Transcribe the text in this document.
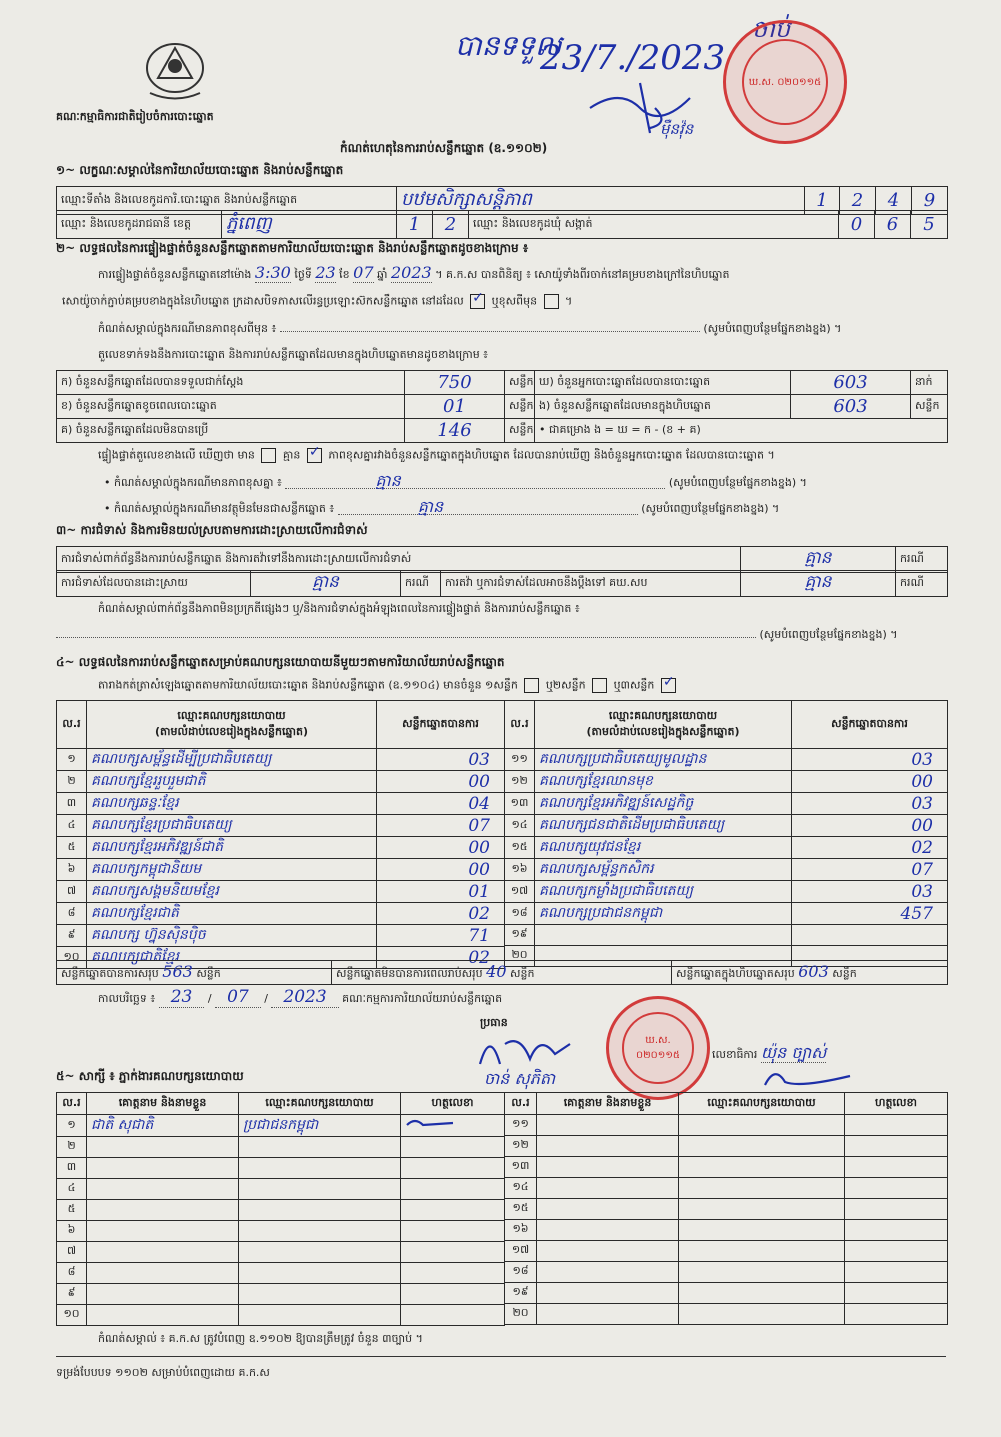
គណៈកម្មាធិការជាតិរៀបចំការបោះឆ្នោត
បានទទួល
23/7./2023
ចាប់
ម៉ឺនវ៉ុន
ឃ.ស. ០២០១១៥
កំណត់ហេតុនៃការរាប់សន្លឹកឆ្នោត (ឧ.១១០២)
១~ លក្ខណៈសម្គាល់នៃការិយាល័យបោះឆ្នោត និងរាប់សន្លឹកឆ្នោត
ឈ្មោះទីតាំង និងលេខកូដការិ.បោះឆ្នោត និងរាប់សន្លឹកឆ្នោត	បឋមសិក្សាសន្តិភាព	1	2	4	9
ឈ្មោះ និងលេខកូដរាជធានី ខេត្ត	ភ្នំពេញ	1	2	ឈ្មោះ និងលេខកូដឃុំ សង្កាត់	0	6	5
២~ លទ្ធផលនៃការផ្ទៀងផ្ទាត់ចំនួនសន្លឹកឆ្នោតតាមការិយាល័យបោះឆ្នោត និងរាប់សន្លឹកឆ្នោតដូចខាងក្រោម ៖
ការផ្ទៀងផ្ទាត់ចំនួនសន្លឹកឆ្នោតនៅម៉ោង 3:30 ថ្ងៃទី 23 ខែ 07 ឆ្នាំ 2023 ។ គ.ក.ស បានពិនិត្យ ៖ សោយ៉ូទាំងពីរចាក់នៅគម្របខាងក្រៅនៃហិបឆ្នោត
សោយ៉ូចាក់ភ្ជាប់គម្របខាងក្នុងនៃហិបឆ្នោត ក្រដាសបិទភាសលើរន្ធប្រឡោះស៊កសន្លឹកឆ្នោត នៅដដែល ✓	ឬខុសពីមុន  ។
កំណត់សម្គាល់ក្នុងករណីមានភាពខុសពីមុន ៖	(សូមបំពេញបន្ថែមផ្នែកខាងខ្នង) ។
តួលេខទាក់ទងនឹងការបោះឆ្នោត និងការរាប់សន្លឹកឆ្នោតដែលមានក្នុងហិបឆ្នោតមានដូចខាងក្រោម ៖
ក) ចំនួនសន្លឹកឆ្នោតដែលបានទទួលជាក់ស្តែង	750	សន្លឹក	ឃ) ចំនួនអ្នកបោះឆ្នោតដែលបានបោះឆ្នោត	603	នាក់
ខ) ចំនួនសន្លឹកឆ្នោតខូចពេលបោះឆ្នោត	01	សន្លឹក	ង) ចំនួនសន្លឹកឆ្នោតដែលមានក្នុងហិបឆ្នោត	603	សន្លឹក
គ) ចំនួនសន្លឹកឆ្នោតដែលមិនបានប្រើ	146	សន្លឹក	• ជាគម្រោង ង = ឃ = ក - (ខ + គ)		
ផ្ទៀងផ្ទាត់តួលេខខាងលើ ឃើញថា មាន	គ្មាន ✓	ភាពខុសគ្នារវាងចំនួនសន្លឹកឆ្នោតក្នុងហិបឆ្នោត ដែលបានរាប់ឃើញ និងចំនួនអ្នកបោះឆ្នោត ដែលបានបោះឆ្នោត ។
• កំណត់សម្គាល់ក្នុងករណីមានភាពខុសគ្នា ៖	គ្មាន	(សូមបំពេញបន្ថែមផ្នែកខាងខ្នង) ។
• កំណត់សម្គាល់ក្នុងករណីមានវត្ថុមិនមែនជាសន្លឹកឆ្នោត ៖	គ្មាន	(សូមបំពេញបន្ថែមផ្នែកខាងខ្នង) ។
៣~ ការជំទាស់ និងការមិនយល់ស្របតាមការដោះស្រាយលើការជំទាស់
ការជំទាស់ពាក់ព័ន្ធនឹងការរាប់សន្លឹកឆ្នោត និងការតវ៉ាទៅនឹងការដោះស្រាយលើការជំទាស់	គ្មាន	ករណី
ការជំទាស់ដែលបានដោះស្រាយ	គ្មាន	ករណី	ការតវ៉ា ឬការជំទាស់ដែលអាចនឹងប្តឹងទៅ គឃ.សប	គ្មាន	ករណី
កំណត់សម្គាល់ពាក់ព័ន្ធនឹងភាពមិនប្រក្រតីផ្សេងៗ ឬ/និងការជំទាស់ក្នុងអំឡុងពេលនៃការផ្ទៀងផ្ទាត់ និងការរាប់សន្លឹកឆ្នោត ៖
(សូមបំពេញបន្ថែមផ្នែកខាងខ្នង) ។
៤~ លទ្ធផលនៃការរាប់សន្លឹកឆ្នោតសម្រាប់គណបក្សនយោបាយនីមួយៗតាមការិយាល័យរាប់សន្លឹកឆ្នោត
តារាងកត់ត្រាសំឡេងឆ្នោតតាមការិយាល័យបោះឆ្នោត និងរាប់សន្លឹកឆ្នោត (ឧ.១១០៤) មានចំនួន ១សន្លឹក	ឬ២សន្លឹក	ឬ៣សន្លឹក ✓
ល.រ	ឈ្មោះគណបក្សនយោបាយ
(តាមលំដាប់លេខរៀងក្នុងសន្លឹកឆ្នោត)	សន្លឹកឆ្នោតបានការ
១	គណបក្សសម្ព័ន្ធដើម្បីប្រជាធិបតេយ្យ	03
២	គណបក្សខ្មែររួបរួមជាតិ	00
៣	គណបក្សឆន្ទៈខ្មែរ	04
៤	គណបក្សខ្មែរប្រជាធិបតេយ្យ	07
៥	គណបក្សខ្មែរអភិវឌ្ឍន៍ជាតិ	00
៦	គណបក្សកម្ពុជានិយម	00
៧	គណបក្សសង្គមនិយមខ្មែរ	01
៨	គណបក្សខ្មែរជាតិ	02
៩	គណបក្ស ហ្វ៊ុនស៊ិនប៉ិច	71
១០	គណបក្សជាតិខ្មែរ	02
ល.រ	ឈ្មោះគណបក្សនយោបាយ
(តាមលំដាប់លេខរៀងក្នុងសន្លឹកឆ្នោត)	សន្លឹកឆ្នោតបានការ
១១	គណបក្សប្រជាធិបតេយ្យមូលដ្ឋាន	03
១២	គណបក្សខ្មែរឈានមុខ	00
១៣	គណបក្សខ្មែរអភិវឌ្ឍន៍សេដ្ឋកិច្ច	03
១៤	គណបក្សជនជាតិដើមប្រជាធិបតេយ្យ	00
១៥	គណបក្សយុវជនខ្មែរ	02
១៦	គណបក្សសម្ព័ន្ធកសិករ	07
១៧	គណបក្សកម្លាំងប្រជាធិបតេយ្យ	03
១៨	គណបក្សប្រជាជនកម្ពុជា	457
១៩		
២០		
សន្លឹកឆ្នោតបានការសរុប 563 សន្លឹក	សន្លឹកឆ្នោតមិនបានការពេលរាប់សរុប 40 សន្លឹក	សន្លឹកឆ្នោតក្នុងហិបឆ្នោតសរុប 603 សន្លឹក
កាលបរិច្ឆេទ ៖ 23 / 07 / 2023 គណៈកម្មការការិយាល័យរាប់សន្លឹកឆ្នោត
ប្រធាន
ចាន់ សុភិតា
ឃ.ស. ០២០១១៥	លេខាធិការ យ៉ុន ច្បាស់
៥~ សាក្សី ៖ ភ្នាក់ងារគណបក្សនយោបាយ
ល.រ	គោត្តនាម និងនាមខ្លួន	ឈ្មោះគណបក្សនយោបាយ	ហត្ថលេខា
១	ជាតិ សុជាតិ	ប្រជាជនកម្ពុជា	
២			
៣			
៤			
៥			
៦			
៧			
៨			
៩			
១០			
ល.រ	គោត្តនាម និងនាមខ្លួន	ឈ្មោះគណបក្សនយោបាយ	ហត្ថលេខា
១១			
១២			
១៣			
១៤			
១៥			
១៦			
១៧			
១៨			
១៩			
២០			
កំណត់សម្គាល់ ៖ គ.ក.ស ត្រូវបំពេញ ឧ.១១០២ ឱ្យបានត្រឹមត្រូវ ចំនួន ៣ច្បាប់ ។
ទម្រង់បែបបទ ១១០២ សម្រាប់បំពេញដោយ គ.ក.ស
